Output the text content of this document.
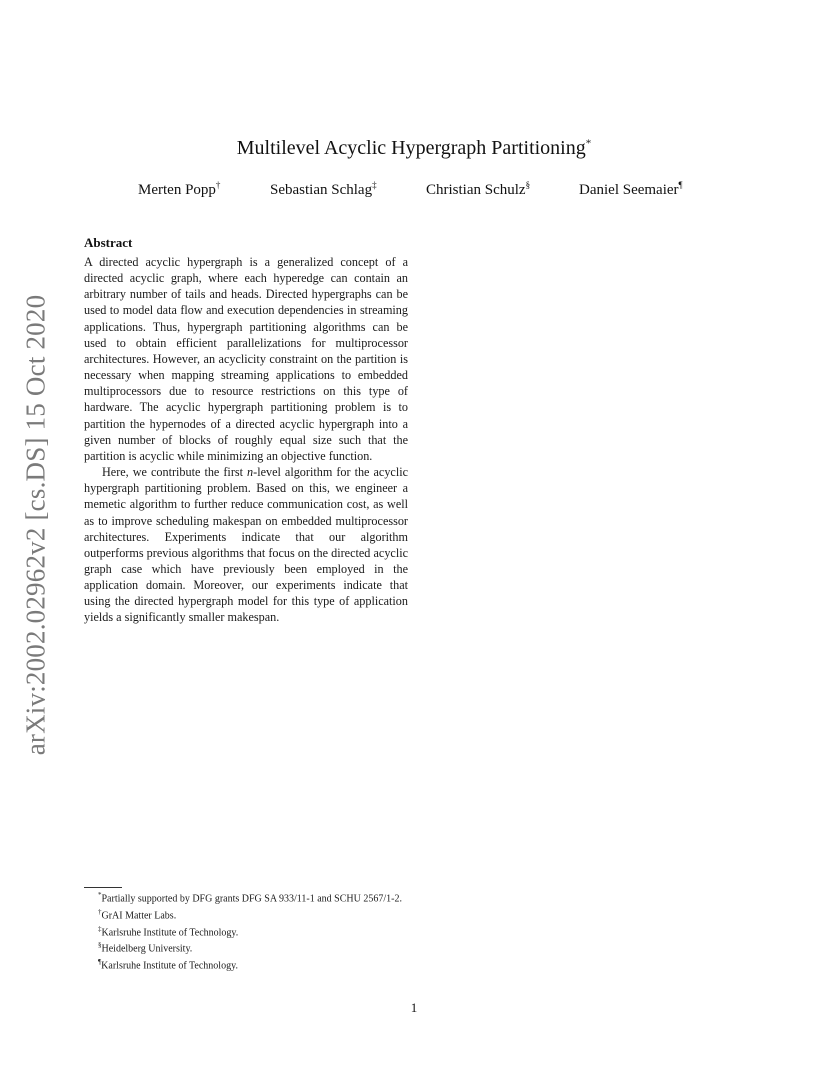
arXiv:2002.02962v2 [cs.DS] 15 Oct 2020
Multilevel Acyclic Hypergraph Partitioning*
Merten Popp†	Sebastian Schlag‡	Christian Schulz§	Daniel Seemaier¶
Abstract

A directed acyclic hypergraph is a generalized concept of a directed acyclic graph, where each hyperedge can contain an arbitrary number of tails and heads. Directed hypergraphs can be used to model data flow and execution dependencies in streaming applications. Thus, hypergraph partitioning algorithms can be used to obtain efficient parallelizations for multiprocessor architectures. However, an acyclicity constraint on the partition is necessary when mapping streaming applications to embedded multiprocessors due to resource restrictions on this type of hardware. The acyclic hypergraph partitioning problem is to partition the hypernodes of a directed acyclic hypergraph into a given number of blocks of roughly equal size such that the partition is acyclic while minimizing an objective function.

Here, we contribute the first n-level algorithm for the acyclic hypergraph partitioning problem. Based on this, we engineer a memetic algorithm to further reduce communication cost, as well as to improve scheduling makespan on embedded multiprocessor architectures. Experiments indicate that our algorithm outperforms previous algorithms that focus on the directed acyclic graph case which have previously been employed in the application domain. Moreover, our experiments indicate that using the directed hypergraph model for this type of application yields a significantly smaller makespan.

*Partially supported by DFG grants DFG SA 933/11-1 and SCHU 2567/1-2.

†GrAI Matter Labs.

‡Karlsruhe Institute of Technology.

§Heidelberg University.

¶Karlsruhe Institute of Technology.

1
